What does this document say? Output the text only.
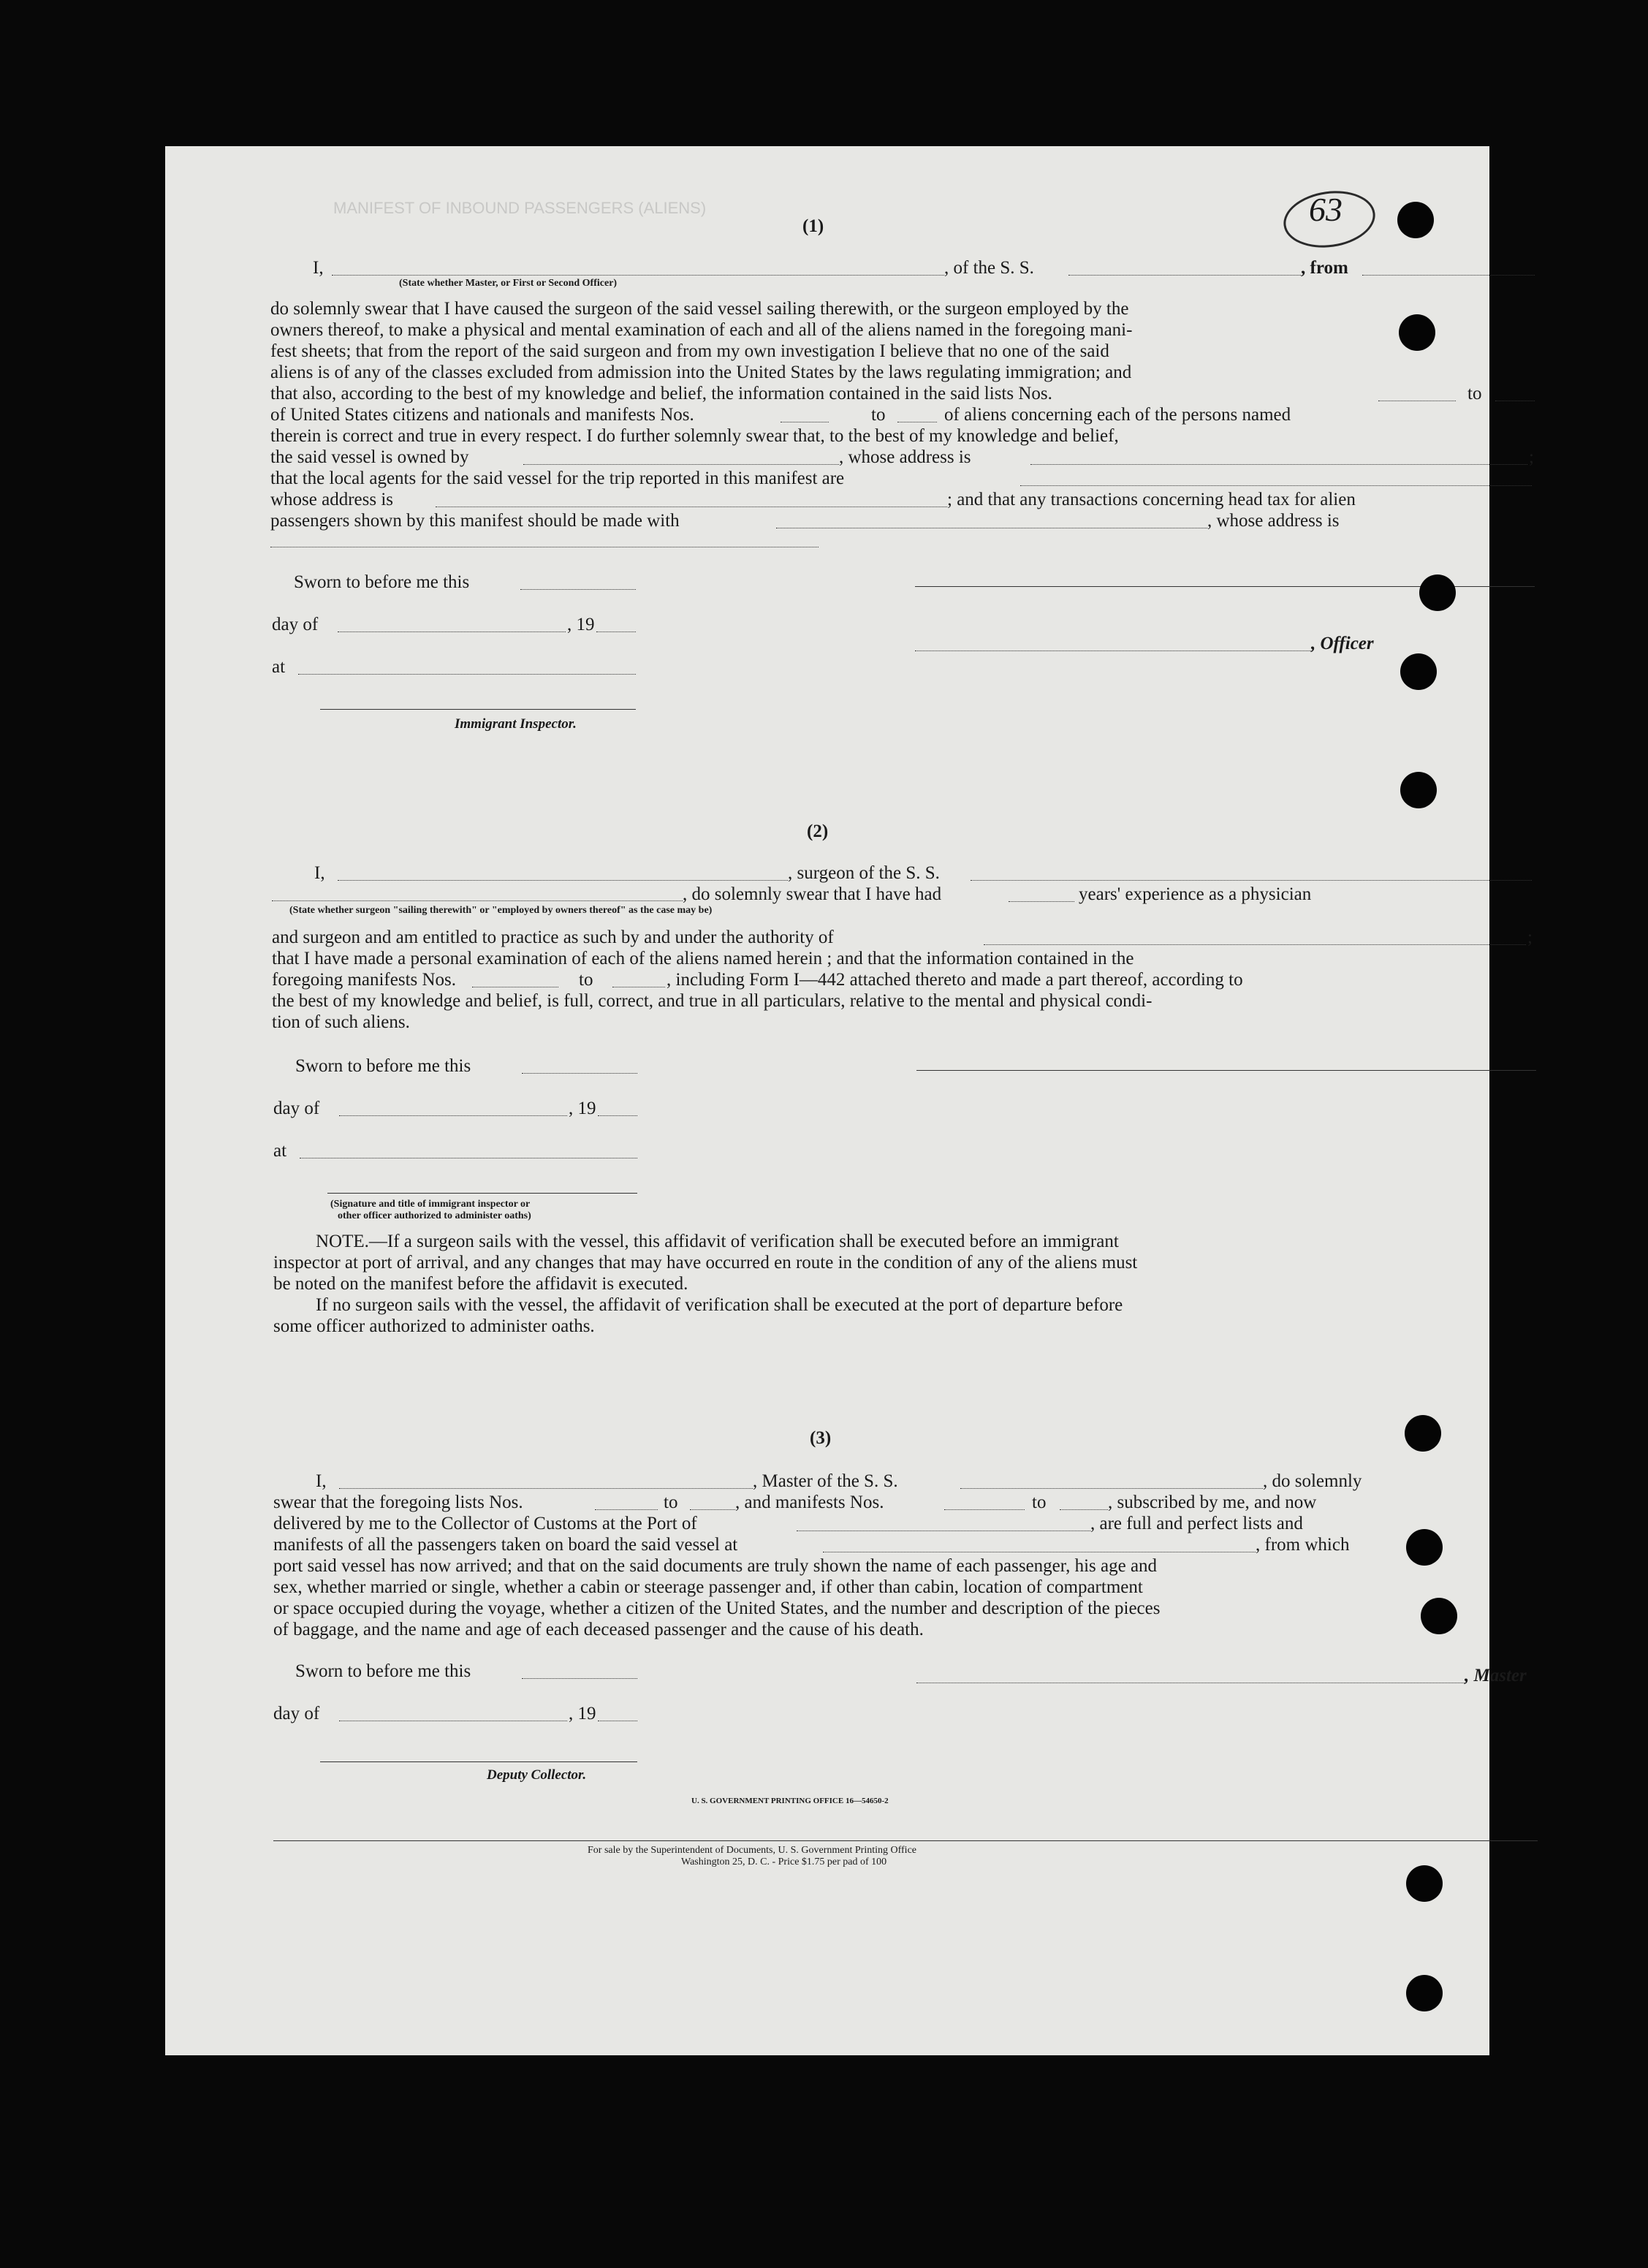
MANIFEST OF INBOUND PASSENGERS (ALIENS)	63
(1)
I,	, of the S. S.	, from
(State whether Master, or First or Second Officer)
do solemnly swear that I have caused the surgeon of the said vessel sailing therewith, or the surgeon employed by the
owners thereof, to make a physical and mental examination of each and all of the aliens named in the foregoing mani-
fest sheets; that from the report of the said surgeon and from my own investigation I believe that no one of the said
aliens is of any of the classes excluded from admission into the United States by the laws regulating immigration; and
that also, according to the best of my knowledge and belief, the information contained in the said lists Nos.	to
of United States citizens and nationals and manifests Nos.	to	of aliens concerning each of the persons named
therein is correct and true in every respect. I do further solemnly swear that, to the best of my knowledge and belief,
the said vessel is owned by	, whose address is	;
that the local agents for the said vessel for the trip reported in this manifest are
whose address is	; and that any transactions concerning head tax for alien
passengers shown by this manifest should be made with	, whose address is
Sworn to before me this
day of	, 19
, Officer
at
Immigrant Inspector.
(2)
I,	, surgeon of the S. S.
, do solemnly swear that I have had	years' experience as a physician
(State whether surgeon "sailing therewith" or "employed by owners thereof" as the case may be)
and surgeon and am entitled to practice as such by and under the authority of	;
that I have made a personal examination of each of the aliens named herein ; and that the information contained in the
foregoing manifests Nos.	to	, including Form I—442 attached thereto and made a part thereof, according to
the best of my knowledge and belief, is full, correct, and true in all particulars, relative to the mental and physical condi-
tion of such aliens.
Sworn to before me this
day of	, 19
at
(Signature and title of immigrant inspector or
other officer authorized to administer oaths)
NOTE.—If a surgeon sails with the vessel, this affidavit of verification shall be executed before an immigrant
inspector at port of arrival, and any changes that may have occurred en route in the condition of any of the aliens must
be noted on the manifest before the affidavit is executed.
If no surgeon sails with the vessel, the affidavit of verification shall be executed at the port of departure before
some officer authorized to administer oaths.
(3)
I,	, Master of the S. S.	, do solemnly
swear that the foregoing lists Nos.	to	, and manifests Nos.	to	, subscribed by me, and now
delivered by me to the Collector of Customs at the Port of	, are full and perfect lists and
manifests of all the passengers taken on board the said vessel at	, from which
port said vessel has now arrived; and that on the said documents are truly shown the name of each passenger, his age and
sex, whether married or single, whether a cabin or steerage passenger and, if other than cabin, location of compartment
or space occupied during the voyage, whether a citizen of the United States, and the number and description of the pieces
of baggage, and the name and age of each deceased passenger and the cause of his death.
Sworn to before me this	, Master
day of	, 19
Deputy Collector.
U. S. GOVERNMENT PRINTING OFFICE 16—54650-2
For sale by the Superintendent of Documents, U. S. Government Printing Office
Washington 25, D. C. - Price $1.75 per pad of 100
